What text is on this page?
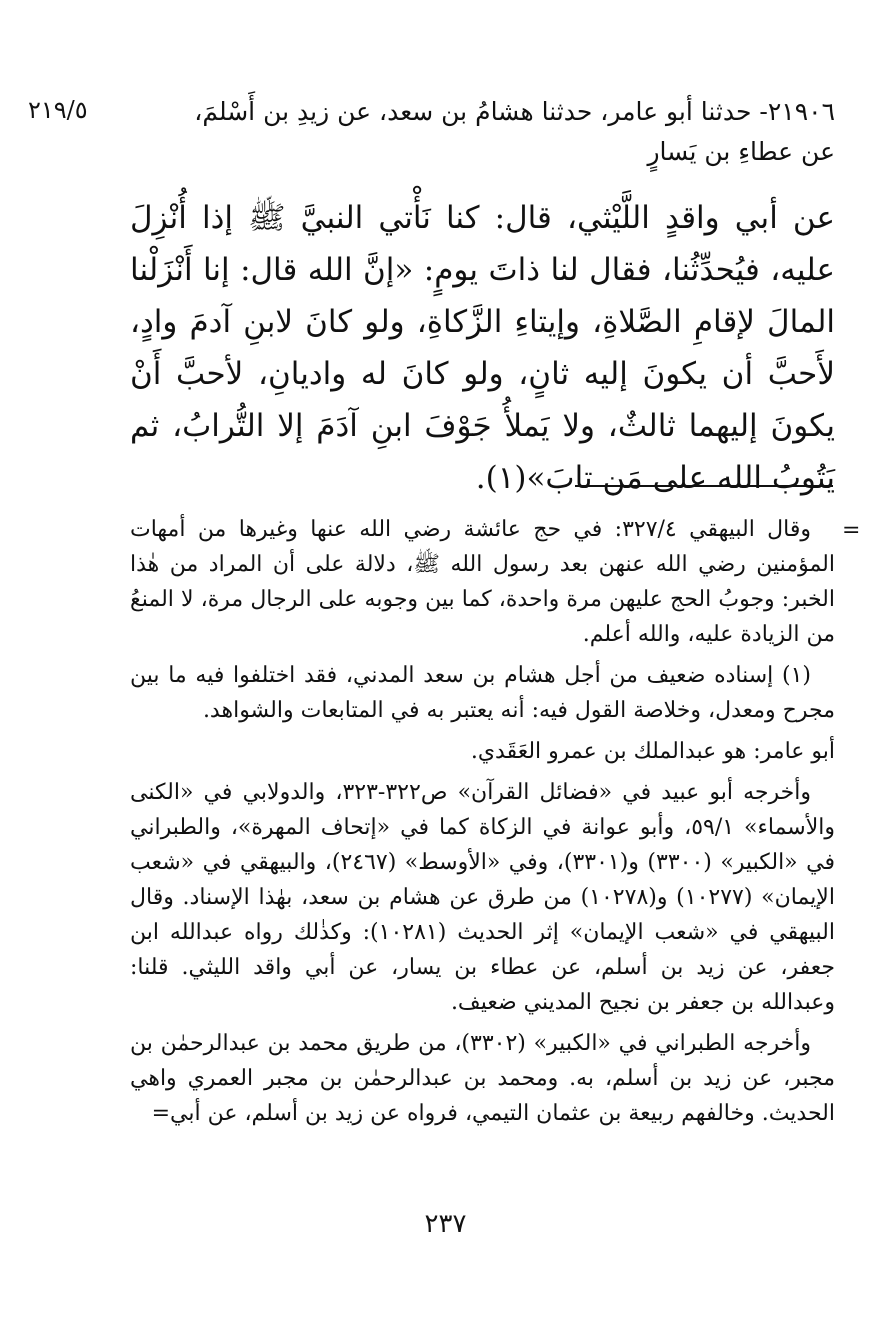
٢١٩/٥	٢١٩٠٦- حدثنا أبو عامر، حدثنا هشامُ بن سعد، عن زيدِ بن أَسْلمَ،
عن عطاءِ بن يَسارٍ
عن أبي واقدٍ اللَّيْثي، قال: كنا نَأْتي النبيَّ ﷺ إذا أُنْزِلَ عليه، فيُحدِّثُنا، فقال لنا ذاتَ يومٍ: «إنَّ الله قال: إنا أَنْزَلْنا المالَ لإقامِ الصَّلاةِ، وإيتاءِ الزَّكاةِ، ولو كانَ لابنِ آدمَ وادٍ، لأَحبَّ أن يكونَ إليه ثانٍ، ولو كانَ له واديانِ، لأحبَّ أَنْ يكونَ إليهما ثالثٌ، ولا يَملأُ جَوْفَ ابنِ آدَمَ إلا التُّرابُ، ثم يَتُوبُ الله على مَن تابَ»(١).
=

وقال البيهقي ٣٢٧/٤: في حج عائشة رضي الله عنها وغيرها من أمهات المؤمنين رضي الله عنهن بعد رسول الله ﷺ، دلالة على أن المراد من هٰذا الخبر: وجوبُ الحج عليهن مرة واحدة، كما بين وجوبه على الرجال مرة، لا المنعُ من الزيادة عليه، والله أعلم.

(١) إسناده ضعيف من أجل هشام بن سعد المدني، فقد اختلفوا فيه ما بين مجرح ومعدل، وخلاصة القول فيه: أنه يعتبر به في المتابعات والشواهد.

أبو عامر: هو عبدالملك بن عمرو العَقَدي.

وأخرجه أبو عبيد في «فضائل القرآن» ص٣٢٢-٣٢٣، والدولابي في «الكنى والأسماء» ٥٩/١، وأبو عوانة في الزكاة كما في «إتحاف المهرة»، والطبراني في «الكبير» (٣٣٠٠) و(٣٣٠١)، وفي «الأوسط» (٢٤٦٧)، والبيهقي في «شعب الإيمان» (١٠٢٧٧) و(١٠٢٧٨) من طرق عن هشام بن سعد، بهٰذا الإسناد. وقال البيهقي في «شعب الإيمان» إثر الحديث (١٠٢٨١): وكذٰلك رواه عبدالله ابن جعفر، عن زيد بن أسلم، عن عطاء بن يسار، عن أبي واقد الليثي. قلنا: وعبدالله بن جعفر بن نجيح المديني ضعيف.

وأخرجه الطبراني في «الكبير» (٣٣٠٢)، من طريق محمد بن عبدالرحمٰن بن مجبر، عن زيد بن أسلم، به. ومحمد بن عبدالرحمٰن بن مجبر العمري واهي الحديث. وخالفهم ربيعة بن عثمان التيمي، فرواه عن زيد بن أسلم، عن أبي=

٢٣٧
